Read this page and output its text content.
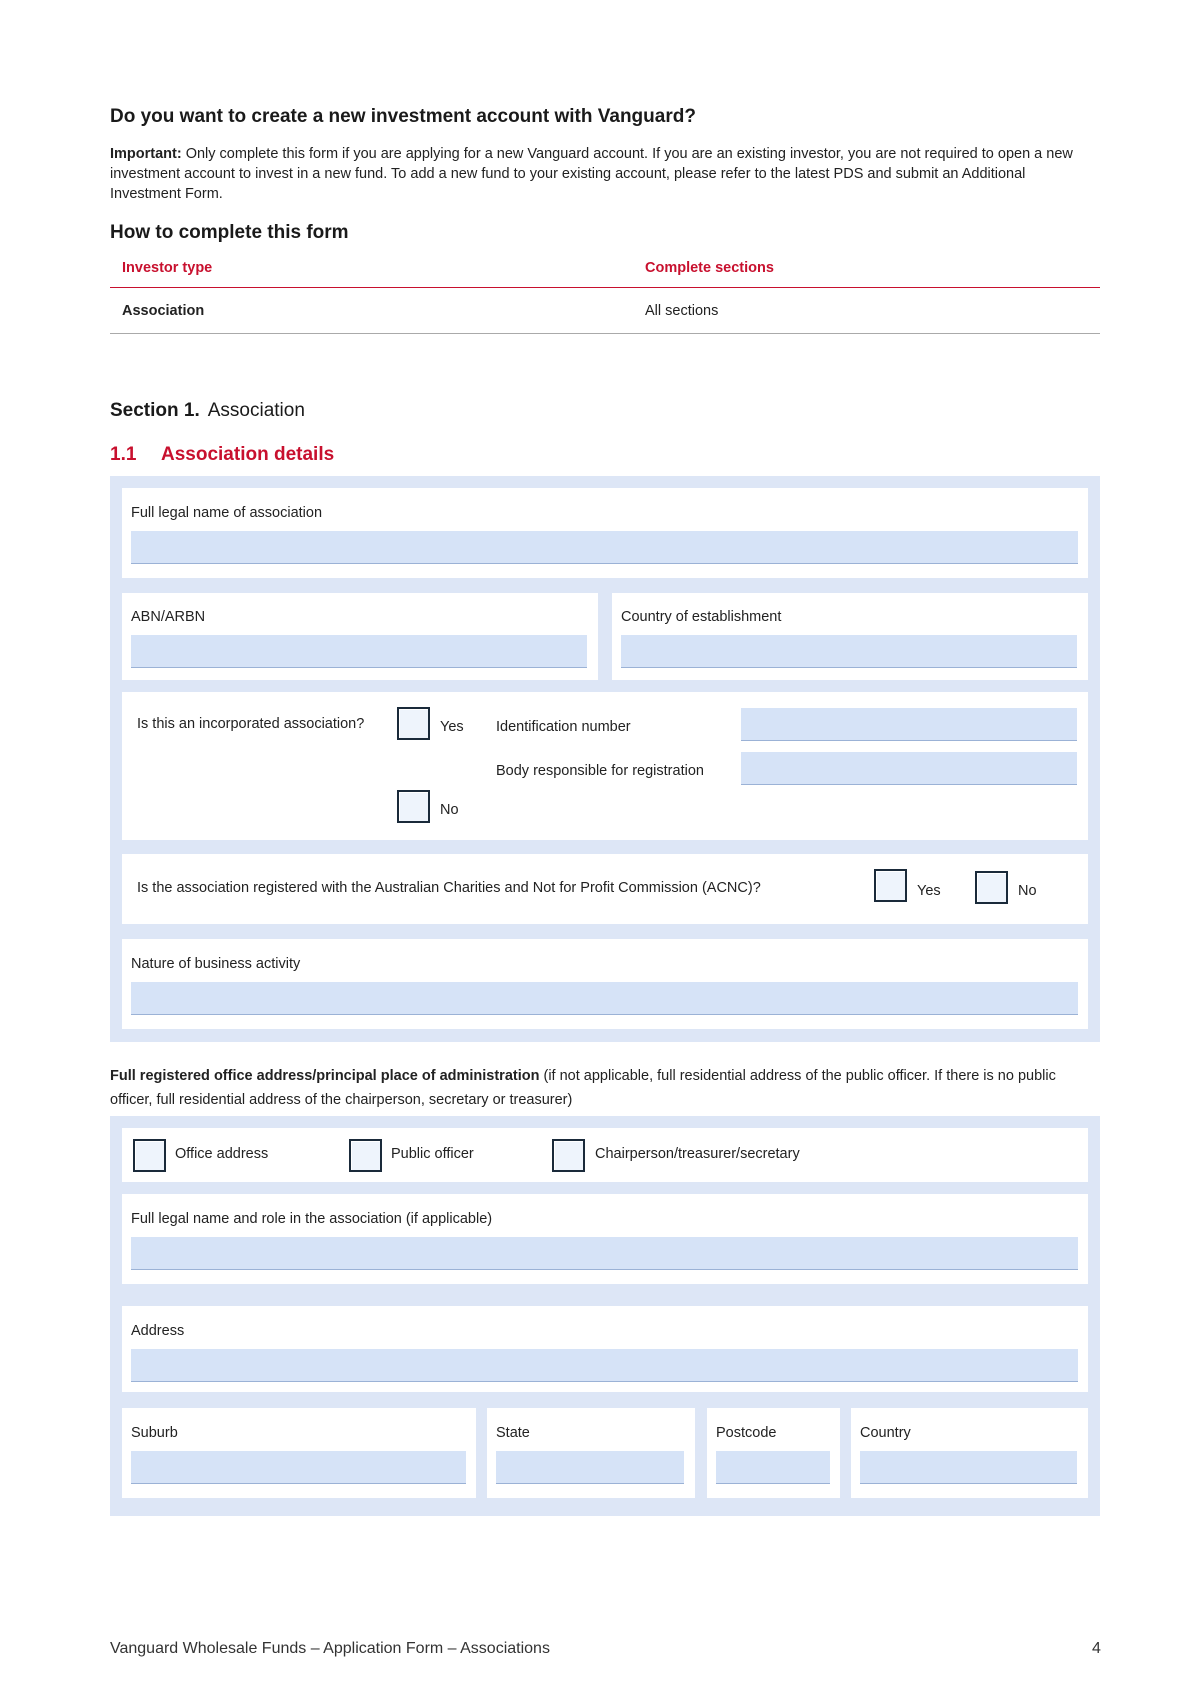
Do you want to create a new investment account with Vanguard?
Important: Only complete this form if you are applying for a new Vanguard account. If you are an existing investor, you are not required to open a new investment account to invest in a new fund. To add a new fund to your existing account, please refer to the latest PDS and submit an Additional Investment Form.
How to complete this form
Investor type	Complete sections
Association	All sections
Section 1. Association
1.1 Association details
Full legal name of association
ABN/ARBN	Country of establishment
Is this an incorporated association?	Yes
No
Identification number
Body responsible for registration
Is the association registered with the Australian Charities and Not for Profit Commission (ACNC)?	Yes	No
Nature of business activity
Full registered office address/principal place of administration (if not applicable, full residential address of the public officer. If there is no public officer, full residential address of the chairperson, secretary or treasurer)
Office address	Public officer	Chairperson/treasurer/secretary
Full legal name and role in the association (if applicable)
Address
Suburb	State	Postcode	Country
Vanguard Wholesale Funds – Application Form – Associations	4
